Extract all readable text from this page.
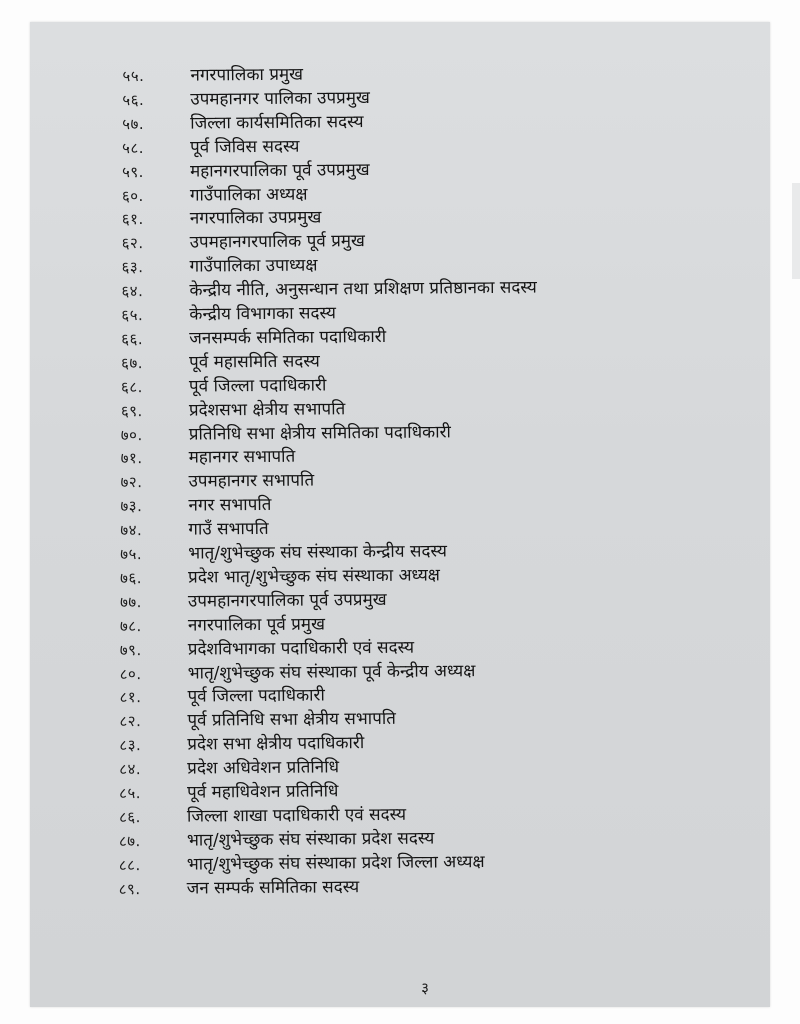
५५.	नगरपालिका प्रमुख
५६.	उपमहानगर पालिका उपप्रमुख
५७.	जिल्ला कार्यसमितिका सदस्य
५८.	पूर्व जिविस सदस्य
५९.	महानगरपालिका पूर्व उपप्रमुख
६०.	गाउँपालिका अध्यक्ष
६१.	नगरपालिका उपप्रमुख
६२.	उपमहानगरपालिक पूर्व प्रमुख
६३.	गाउँपालिका उपाध्यक्ष
६४.	केन्द्रीय नीति, अनुसन्धान तथा प्रशिक्षण प्रतिष्ठानका सदस्य
६५.	केन्द्रीय विभागका सदस्य
६६.	जनसम्पर्क समितिका पदाधिकारी
६७.	पूर्व महासमिति सदस्य
६८.	पूर्व जिल्ला पदाधिकारी
६९.	प्रदेशसभा क्षेत्रीय सभापति
७०.	प्रतिनिधि सभा क्षेत्रीय समितिका पदाधिकारी
७१.	महानगर सभापति
७२.	उपमहानगर सभापति
७३.	नगर सभापति
७४.	गाउँ सभापति
७५.	भातृ/शुभेच्छुक संघ संस्थाका केन्द्रीय सदस्य
७६.	प्रदेश भातृ/शुभेच्छुक संघ संस्थाका अध्यक्ष
७७.	उपमहानगरपालिका पूर्व उपप्रमुख
७८.	नगरपालिका पूर्व प्रमुख
७९.	प्रदेशविभागका पदाधिकारी एवं सदस्य
८०.	भातृ/शुभेच्छुक संघ संस्थाका पूर्व केन्द्रीय अध्यक्ष
८१.	पूर्व जिल्ला पदाधिकारी
८२.	पूर्व प्रतिनिधि सभा क्षेत्रीय सभापति
८३.	प्रदेश सभा क्षेत्रीय पदाधिकारी
८४.	प्रदेश अधिवेशन प्रतिनिधि
८५.	पूर्व महाधिवेशन प्रतिनिधि
८६.	जिल्ला शाखा पदाधिकारी एवं सदस्य
८७.	भातृ/शुभेच्छुक संघ संस्थाका प्रदेश सदस्य
८८.	भातृ/शुभेच्छुक संघ संस्थाका प्रदेश जिल्ला अध्यक्ष
८९.	जन सम्पर्क समितिका सदस्य
३
